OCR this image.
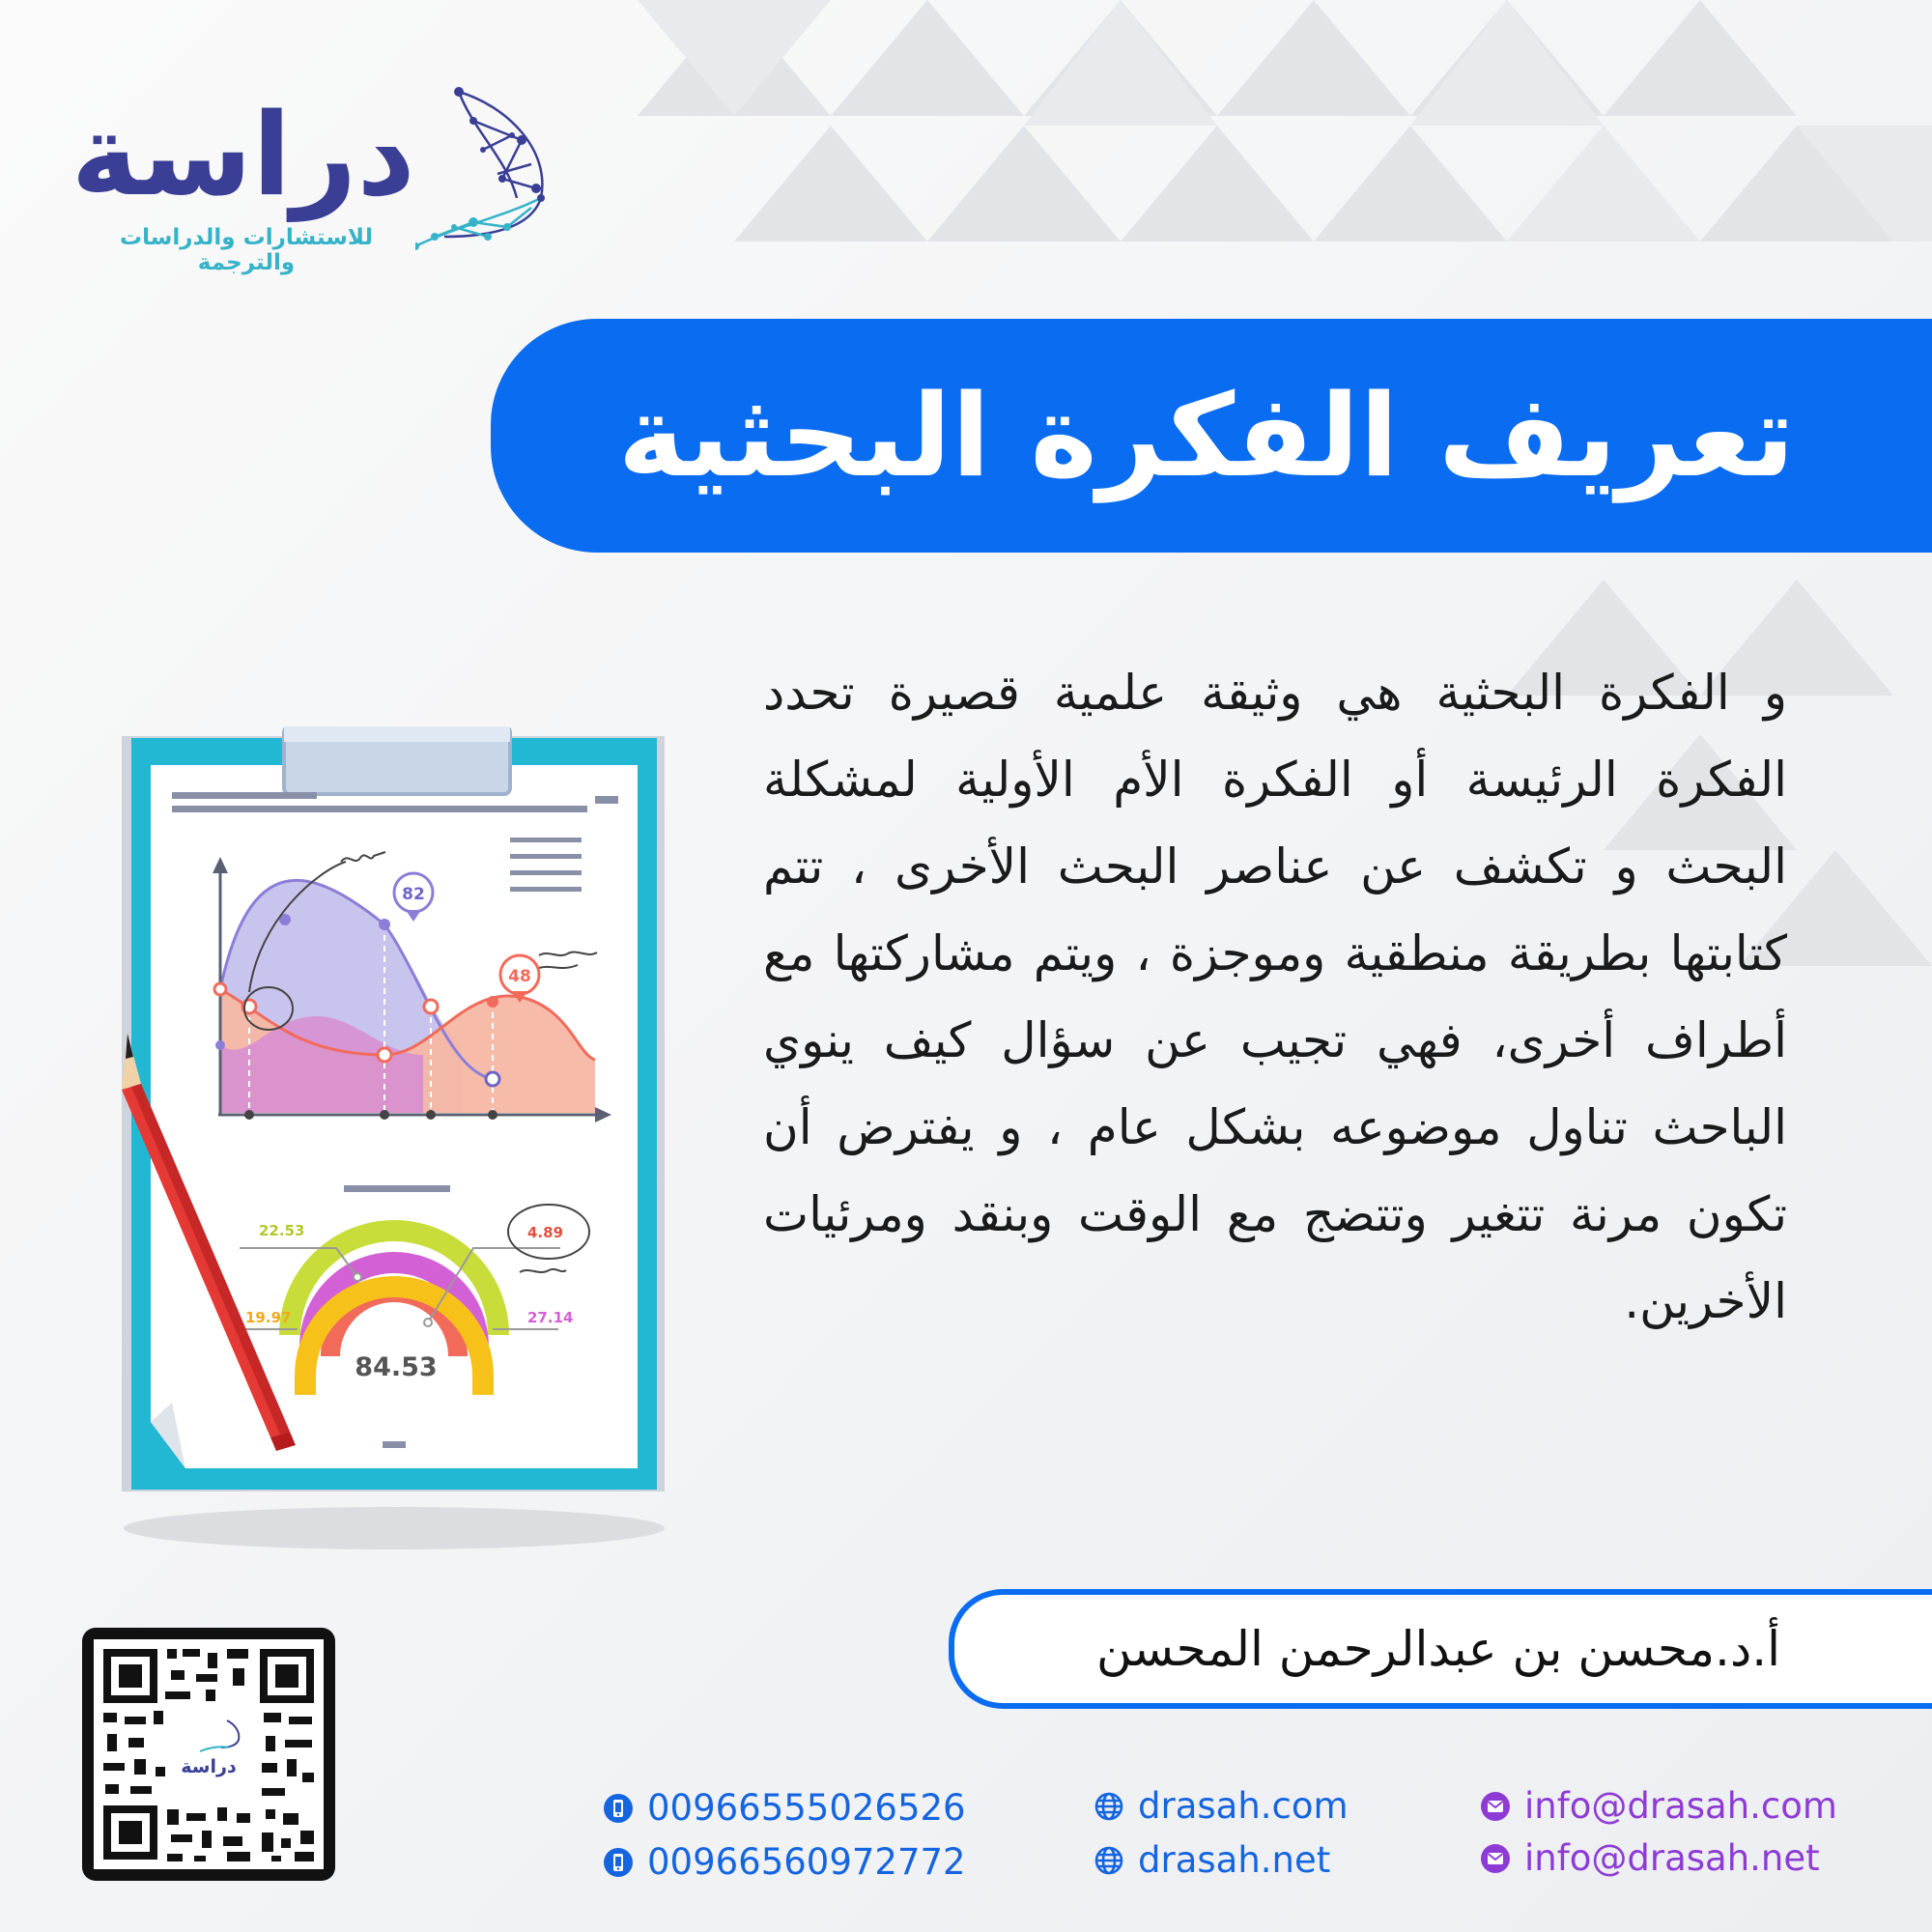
دراسة
للاستشارات والدراسات والترجمة
تعريف الفكرة البحثية

و الفكرة البحثية هي وثيقة علمية قصيرة تحدد الفكرة الرئيسة أو الفكرة الأم الأولية لمشكلة البحث و تكشف عن عناصر البحث الأخرى ، تتم كتابتها بطريقة منطقية وموجزة ، ويتم مشاركتها مع أطراف أخرى، فهي تجيب عن سؤال كيف ينوي الباحث تناول موضوعه بشكل عام ، و يفترض أن تكون مرنة تتغير وتتضج مع الوقت وبنقد ومرئيات الأخرين.

82
48
22.53	4.89
19.97	27.14
84.53
أ.د.محسن بن عبدالرحمن المحسن
دراسة
00966555026526
00966560972772
drasah.com
drasah.net
info@drasah.com
info@drasah.net
